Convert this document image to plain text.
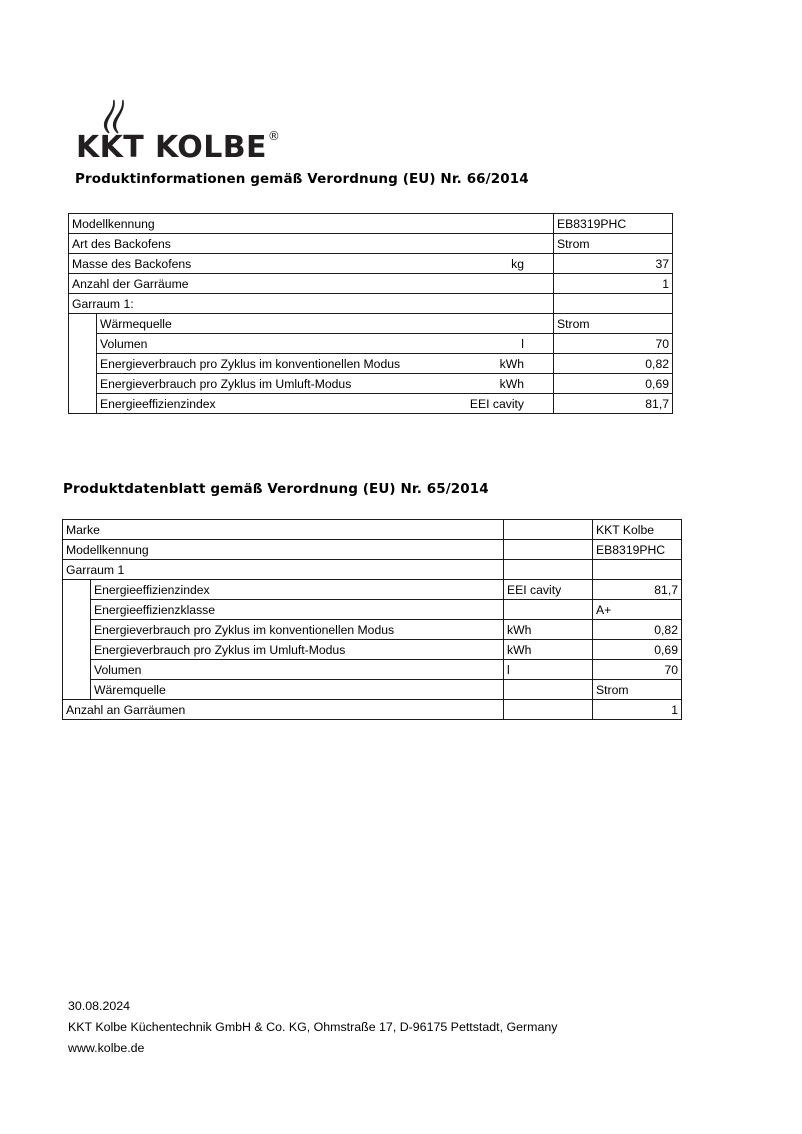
KKT KOLBE®
Produktinformationen gemäß Verordnung (EU) Nr. 66/2014
Modellkennung		EB8319PHC
Art des Backofens		Strom
Masse des Backofens kg		37
Anzahl der Garräume		1
Garraum 1:		
	Wärmequelle	Strom
	Volumen l	70
	Energieverbrauch pro Zyklus im konventionellen Modus kWh	0,82
	Energieverbrauch pro Zyklus im Umluft-Modus kWh	0,69
	Energieeffizienzindex EEI cavity	81,7
Produktdatenblatt gemäß Verordnung (EU) Nr. 65/2014
Marke			KKT Kolbe
Modellkennung			EB8319PHC
Garraum 1			
	Energieeffizienzindex	EEI cavity	81,7
	Energieeffizienzklasse		A+
	Energieverbrauch pro Zyklus im konventionellen Modus	kWh	0,82
	Energieverbrauch pro Zyklus im Umluft-Modus	kWh	0,69
	Volumen	l	70
	Wäremquelle		Strom
Anzahl an Garräumen			1
30.08.2024
KKT Kolbe Küchentechnik GmbH & Co. KG, Ohmstraße 17, D-96175 Pettstadt, Germany
www.kolbe.de
